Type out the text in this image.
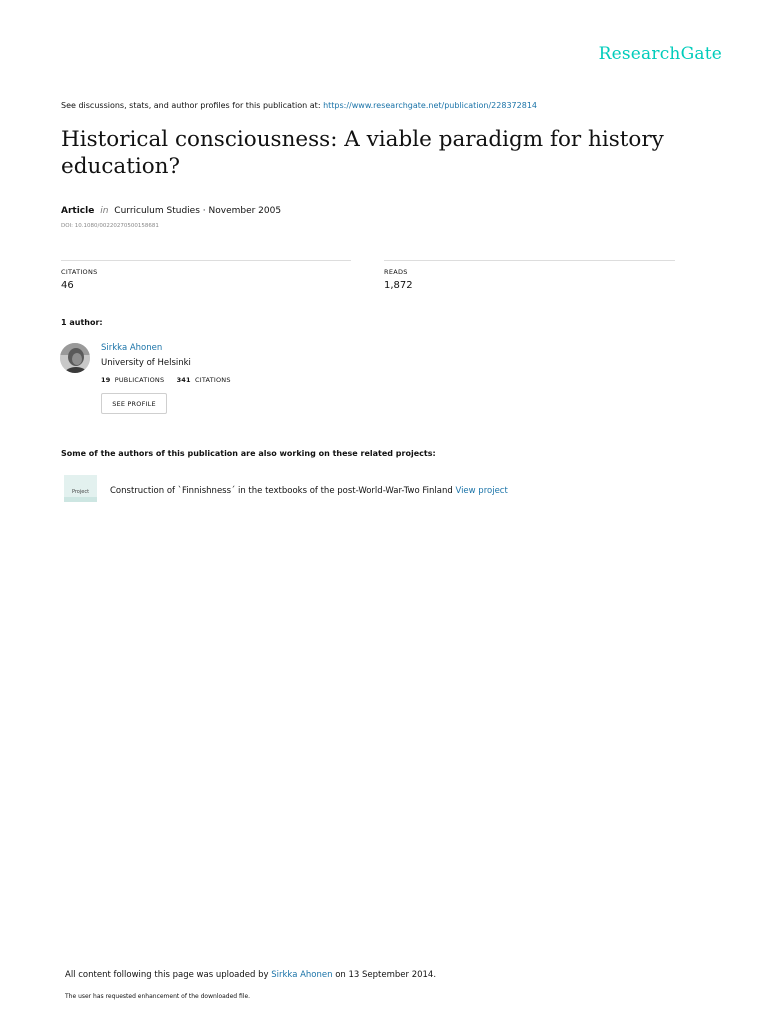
ResearchGate
See discussions, stats, and author profiles for this publication at: https://www.researchgate.net/publication/228372814
Historical consciousness: A viable paradigm for history education?
Article in Curriculum Studies · November 2005
DOI: 10.1080/00220270500158681
CITATIONS
46
READS
1,872
1 author:
Sirkka Ahonen
University of Helsinki
19 PUBLICATIONS 341 CITATIONS
SEE PROFILE
Some of the authors of this publication are also working on these related projects:
Project Construction of `Finnishness´ in the textbooks of the post-World-War-Two Finland View project
All content following this page was uploaded by Sirkka Ahonen on 13 September 2014.
The user has requested enhancement of the downloaded file.
